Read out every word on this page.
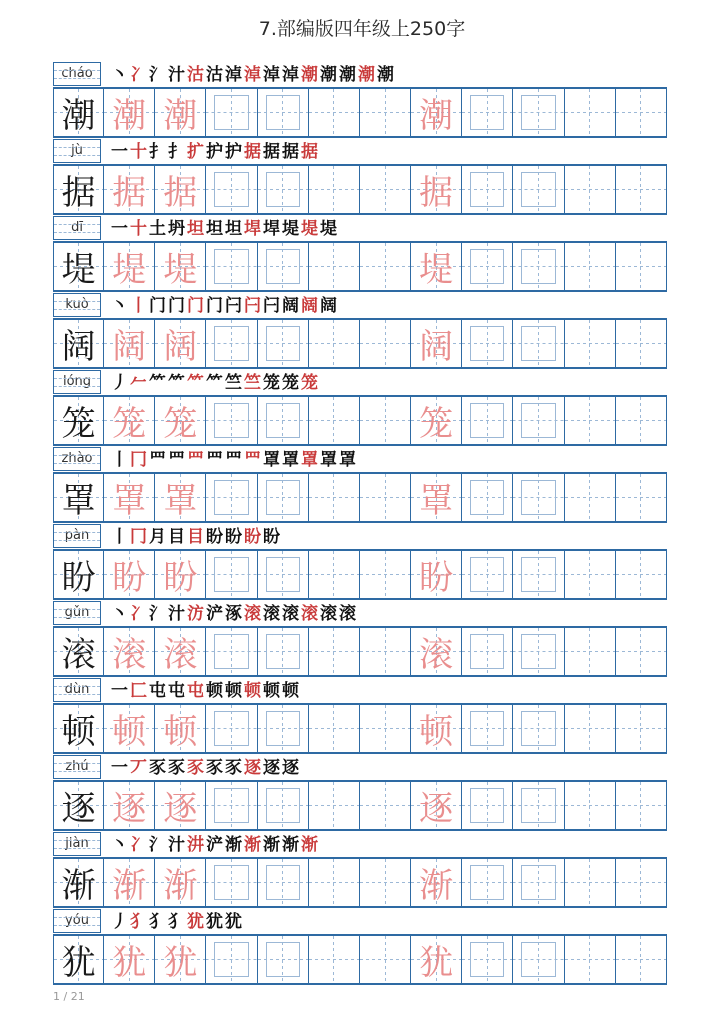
7.部编版四年级上250字
cháo	丶 冫 氵 汁 沽 沽 淖 淖 淖 淖 潮 潮 潮 潮 潮
潮 潮 潮	潮
jù	一 十 扌 扌 扩 护 护 据 据 据 据
据 据 据	据
dī	一 十 土 坍 坦 坦 坦 垾 垾 堤 堤 堤
堤 堤 堤	堤
kuò	丶 丨 门 门 门 门 闩 闩 闩 阔 阔 阔
阔 阔 阔	阔
lóng	丿 𠂉 ⺮ ⺮ ⺮ ⺮ 竺 竺 笼 笼 笼
笼 笼 笼	笼
zhào	丨 冂 罒 罒 罒 罒 罒 罒 罩 罩 罩 罩 罩
罩 罩 罩	罩
pàn	丨 冂 月 目 目 盼 盼 盼 盼
盼 盼 盼	盼
gǔn	丶 冫 氵 汁 汸 浐 涿 滚 滚 滚 滚 滚 滚
滚 滚 滚	滚
dùn	一 匚 屯 屯 屯 顿 顿 顿 顿 顿
顿 顿 顿	顿
zhú	一 丆 豕 豕 豕 豕 豕 逐 逐 逐
逐 逐 逐	逐
jiàn	丶 冫 氵 汁 汫 浐 渐 渐 渐 渐 渐
渐 渐 渐	渐
yóu	丿 犭 犭 犭 犹 犹 犹
犹 犹 犹	犹
1 / 21
